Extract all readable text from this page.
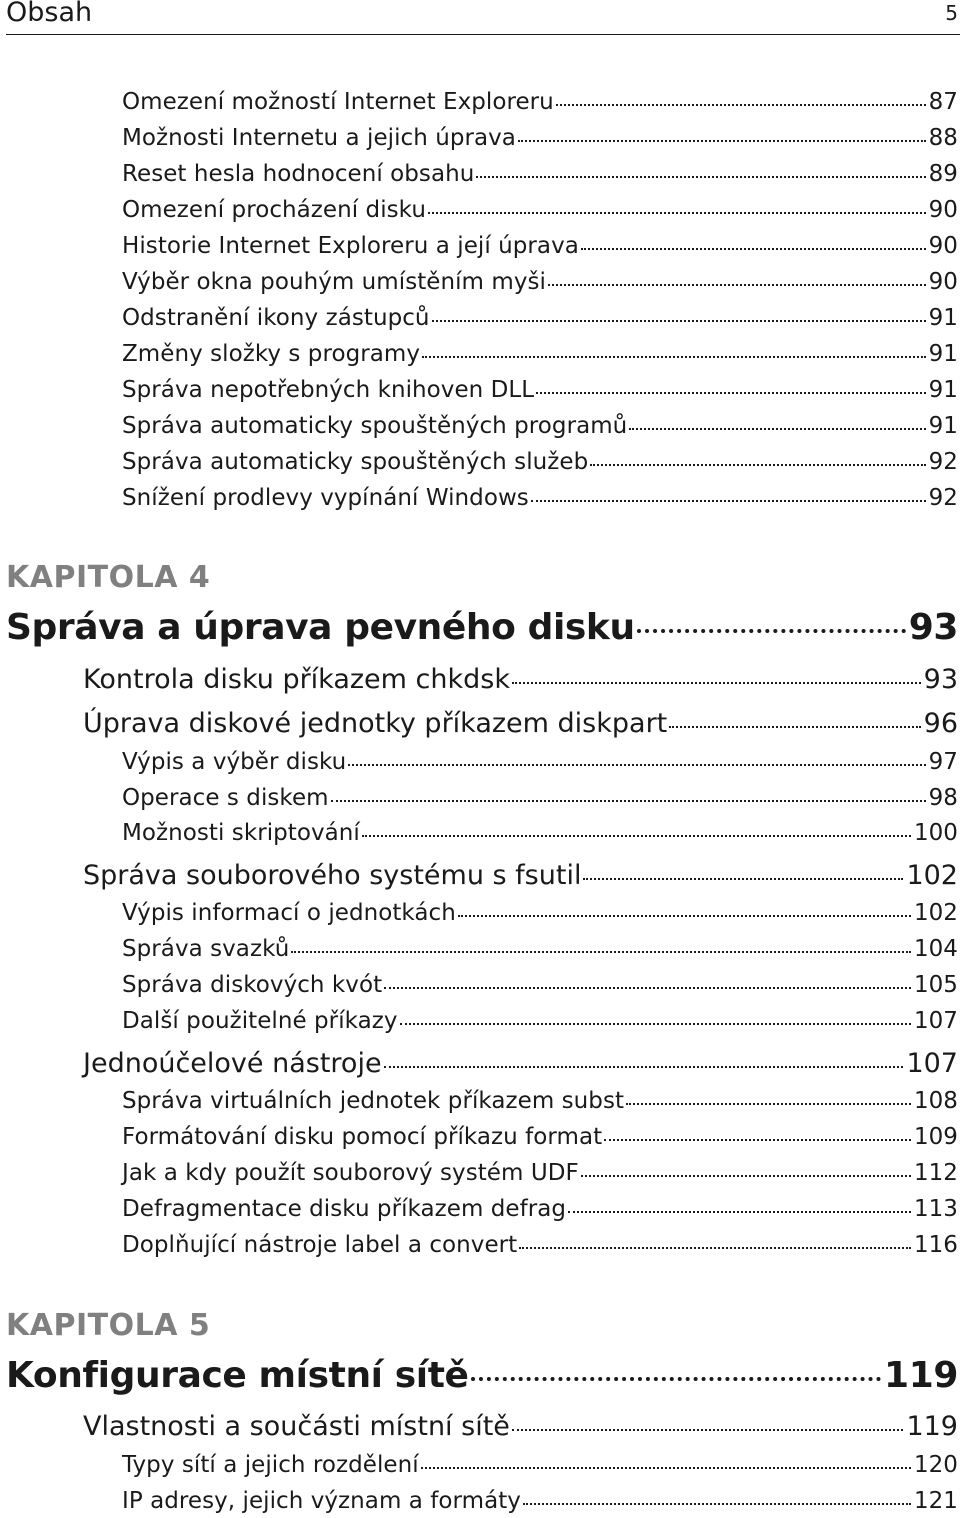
Obsah	5
Omezení možností Internet Exploreru	87
Možnosti Internetu a jejich úprava	88
Reset hesla hodnocení obsahu	89
Omezení procházení disku	90
Historie Internet Exploreru a její úprava	90
Výběr okna pouhým umístěním myši	90
Odstranění ikony zástupců	91
Změny složky s programy	91
Správa nepotřebných knihoven DLL	91
Správa automaticky spouštěných programů	91
Správa automaticky spouštěných služeb	92
Snížení prodlevy vypínání Windows	92
KAPITOLA 4
Správa a úprava pevného disku	93
Kontrola disku příkazem chkdsk	93
Úprava diskové jednotky příkazem diskpart	96
Výpis a výběr disku	97
Operace s diskem	98
Možnosti skriptování	100
Správa souborového systému s fsutil	102
Výpis informací o jednotkách	102
Správa svazků	104
Správa diskových kvót	105
Další použitelné příkazy	107
Jednoúčelové nástroje	107
Správa virtuálních jednotek příkazem subst	108
Formátování disku pomocí příkazu format	109
Jak a kdy použít souborový systém UDF	112
Defragmentace disku příkazem defrag	113
Doplňující nástroje label a convert	116
KAPITOLA 5
Konfigurace místní sítě	119
Vlastnosti a součásti místní sítě	119
Typy sítí a jejich rozdělení	120
IP adresy, jejich význam a formáty	121
